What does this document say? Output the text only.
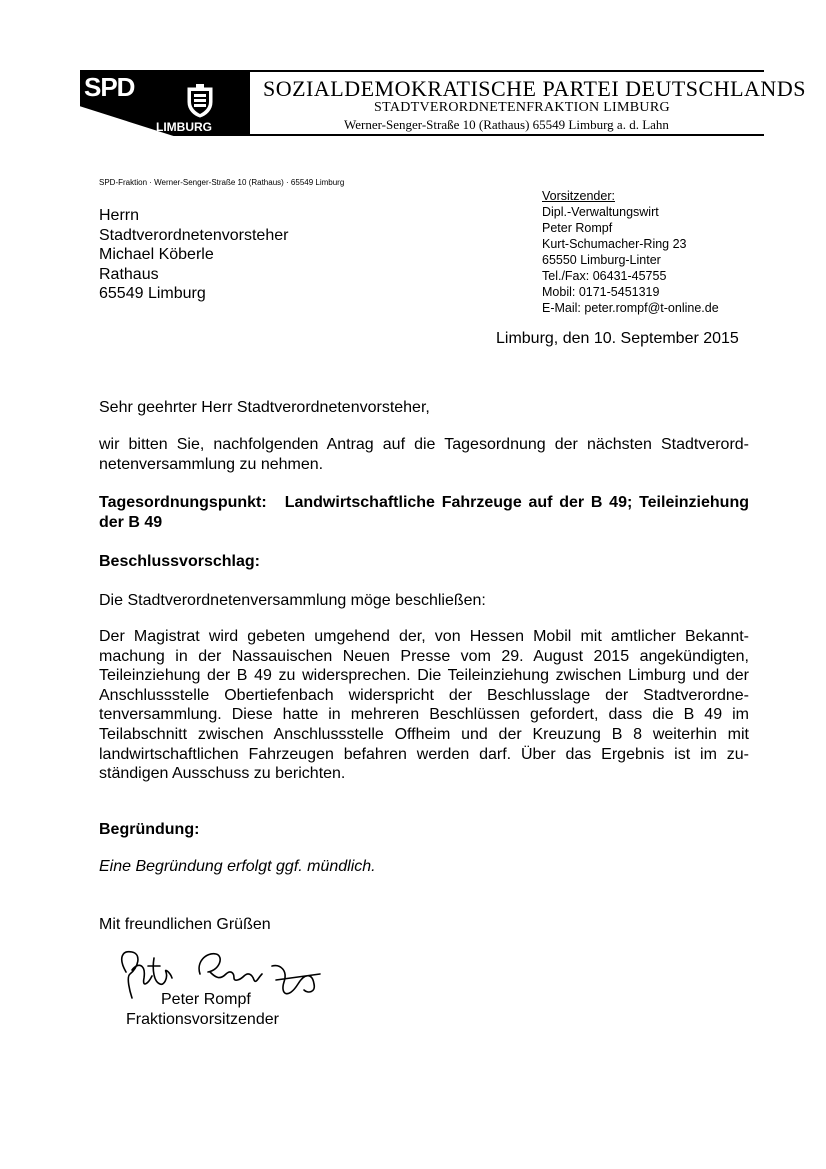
SPD
LIMBURG
SOZIALDEMOKRATISCHE PARTEI DEUTSCHLANDS
STADTVERORDNETENFRAKTION LIMBURG
Werner-Senger-Straße 10 (Rathaus) 65549 Limburg a. d. Lahn
SPD-Fraktion · Werner-Senger-Straße 10 (Rathaus) · 65549 Limburg
Herrn
Stadtverordnetenvorsteher
Michael Köberle
Rathaus
65549 Limburg
Vorsitzender:
Dipl.-Verwaltungswirt
Peter Rompf
Kurt-Schumacher-Ring 23
65550 Limburg-Linter
Tel./Fax: 06431-45755
Mobil: 0171-5451319
E-Mail: peter.rompf@t-online.de
Limburg, den 10. September 2015
Sehr geehrter Herr Stadtverordnetenvorsteher,
wir bitten Sie, nachfolgenden Antrag auf die Tagesordnung der nächsten Stadtverordnetenversammlung zu nehmen.
Tagesordnungspunkt: Landwirtschaftliche Fahrzeuge auf der B 49; Teileinziehung der B 49
Beschlussvorschlag:
Die Stadtverordnetenversammlung möge beschließen:
Der Magistrat wird gebeten umgehend der, von Hessen Mobil mit amtlicher Bekanntmachung in der Nassauischen Neuen Presse vom 29. August 2015 angekündigten, Teileinziehung der B 49 zu widersprechen. Die Teileinziehung zwischen Limburg und der Anschlussstelle Obertiefenbach widerspricht der Beschlusslage der Stadtverordnetenversammlung. Diese hatte in mehreren Beschlüssen gefordert, dass die B 49 im Teilabschnitt zwischen Anschlussstelle Offheim und der Kreuzung B 8 weiterhin mit landwirtschaftlichen Fahrzeugen befahren werden darf. Über das Ergebnis ist im zuständigen Ausschuss zu berichten.
Begründung:
Eine Begründung erfolgt ggf. mündlich.
Mit freundlichen Grüßen
Peter Rompf
Fraktionsvorsitzender
